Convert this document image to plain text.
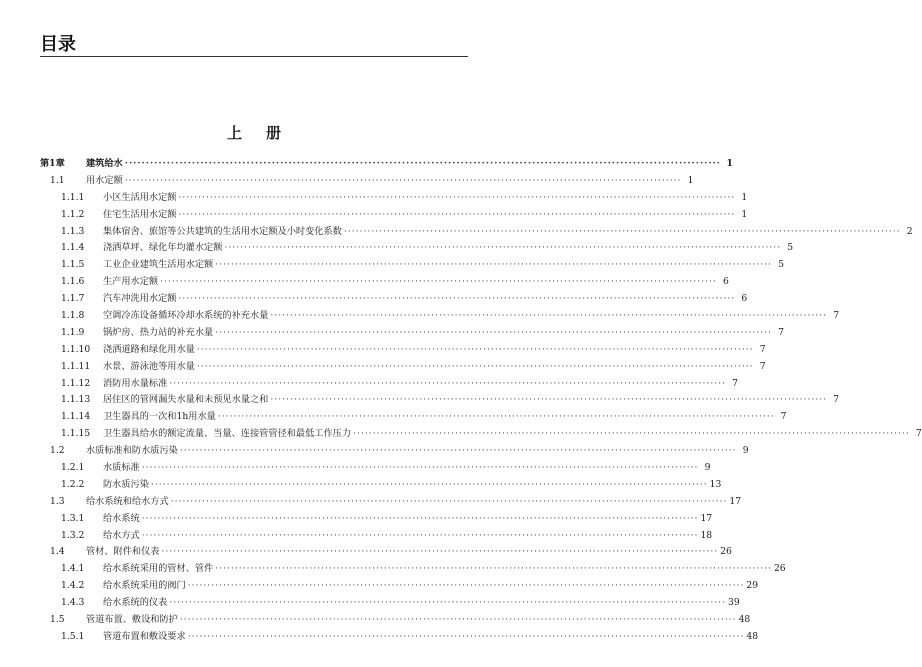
目录
上册
第1章	建筑给水 ·····	1
1.1	用水定额 ·····	1
1.1.1	小区生活用水定额 ·····	1
1.1.2	住宅生活用水定额 ·····	1
1.1.3	集体宿舍、旅馆等公共建筑的生活用水定额及小时变化系数 ·····	2
1.1.4	浇洒草坪、绿化年均灌水定额 ·····	5
1.1.5	工业企业建筑生活用水定额 ·····	5
1.1.6	生产用水定额 ·····	6
1.1.7	汽车冲洗用水定额 ·····	6
1.1.8	空调冷冻设备循环冷却水系统的补充水量 ·····	7
1.1.9	锅炉房、热力站的补充水量 ·····	7
1.1.10	浇洒道路和绿化用水量 ·····	7
1.1.11	水景、游泳池等用水量 ·····	7
1.1.12	消防用水量标准 ·····	7
1.1.13	居住区的管网漏失水量和未预见水量之和 ·····	7
1.1.14	卫生器具的一次和1h用水量 ·····	7
1.1.15	卫生器具给水的额定流量、当量、连接管管径和最低工作压力 ·····	7
1.2	水质标准和防水质污染 ·····	9
1.2.1	水质标准 ·····	9
1.2.2	防水质污染 ·····	13
1.3	给水系统和给水方式 ·····	17
1.3.1	给水系统 ·····	17
1.3.2	给水方式 ·····	18
1.4	管材、附件和仪表 ·····	26
1.4.1	给水系统采用的管材、管件 ·····	26
1.4.2	给水系统采用的阀门 ·····	29
1.4.3	给水系统的仪表 ·····	39
1.5	管道布置、敷设和防护 ·····	48
1.5.1	管道布置和敷设要求 ·····	48
